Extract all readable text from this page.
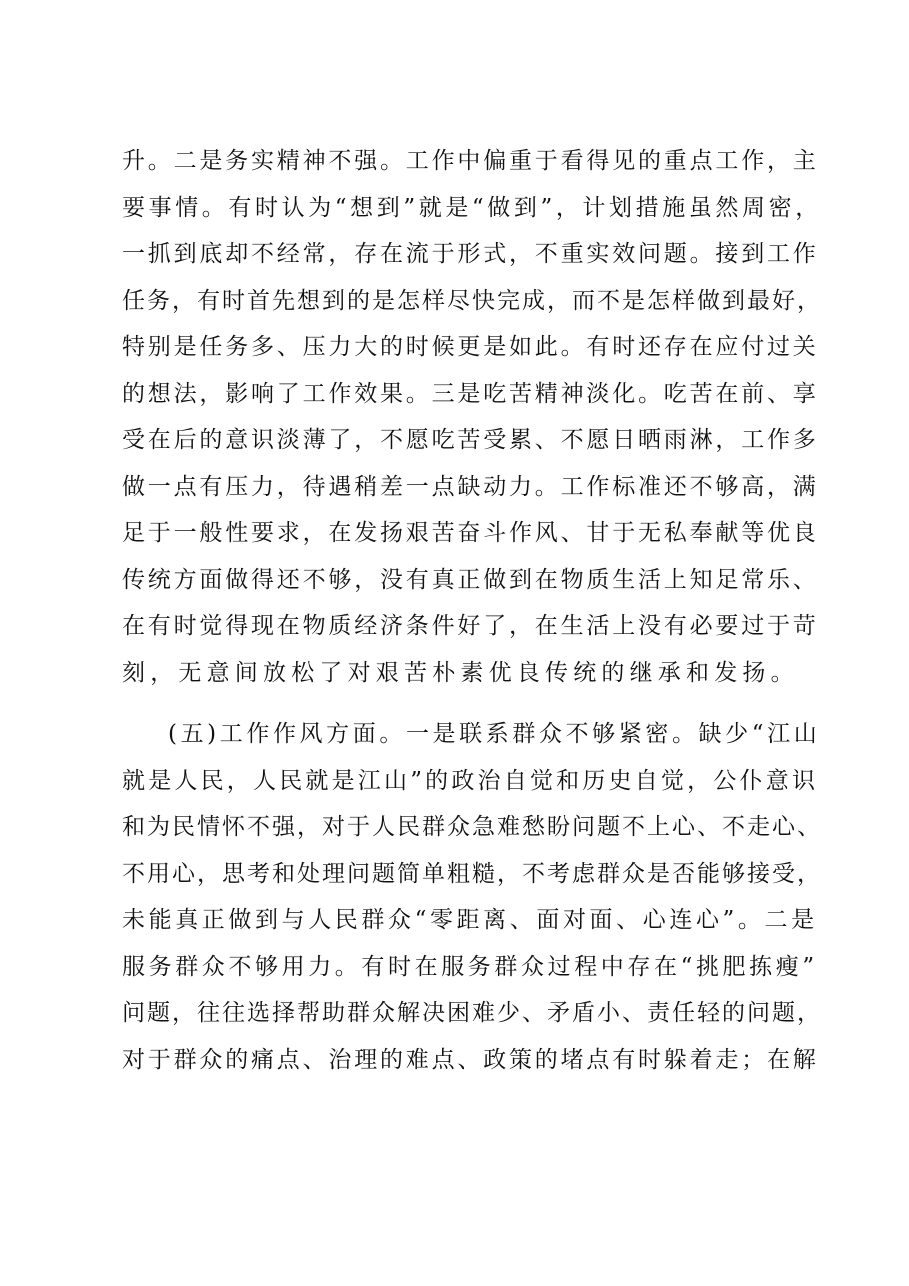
升。二是务实精神不强。工作中偏重于看得见的重点工作，主
要事情。有时认为“想到”就是“做到”，计划措施虽然周密，
一抓到底却不经常，存在流于形式，不重实效问题。接到工作
任务，有时首先想到的是怎样尽快完成，而不是怎样做到最好，
特别是任务多、压力大的时候更是如此。有时还存在应付过关
的想法，影响了工作效果。三是吃苦精神淡化。吃苦在前、享
受在后的意识淡薄了，不愿吃苦受累、不愿日晒雨淋，工作多
做一点有压力，待遇稍差一点缺动力。工作标准还不够高，满
足于一般性要求，在发扬艰苦奋斗作风、甘于无私奉献等优良
传统方面做得还不够，没有真正做到在物质生活上知足常乐、
在有时觉得现在物质经济条件好了，在生活上没有必要过于苛
刻，无意间放松了对艰苦朴素优良传统的继承和发扬。
(五)工作作风方面。一是联系群众不够紧密。缺少“江山
就是人民，人民就是江山”的政治自觉和历史自觉，公仆意识
和为民情怀不强，对于人民群众急难愁盼问题不上心、不走心、
不用心，思考和处理问题简单粗糙，不考虑群众是否能够接受，
未能真正做到与人民群众“零距离、面对面、心连心”。二是
服务群众不够用力。有时在服务群众过程中存在“挑肥拣瘦”
问题，往往选择帮助群众解决困难少、矛盾小、责任轻的问题，
对于群众的痛点、治理的难点、政策的堵点有时躲着走；在解
